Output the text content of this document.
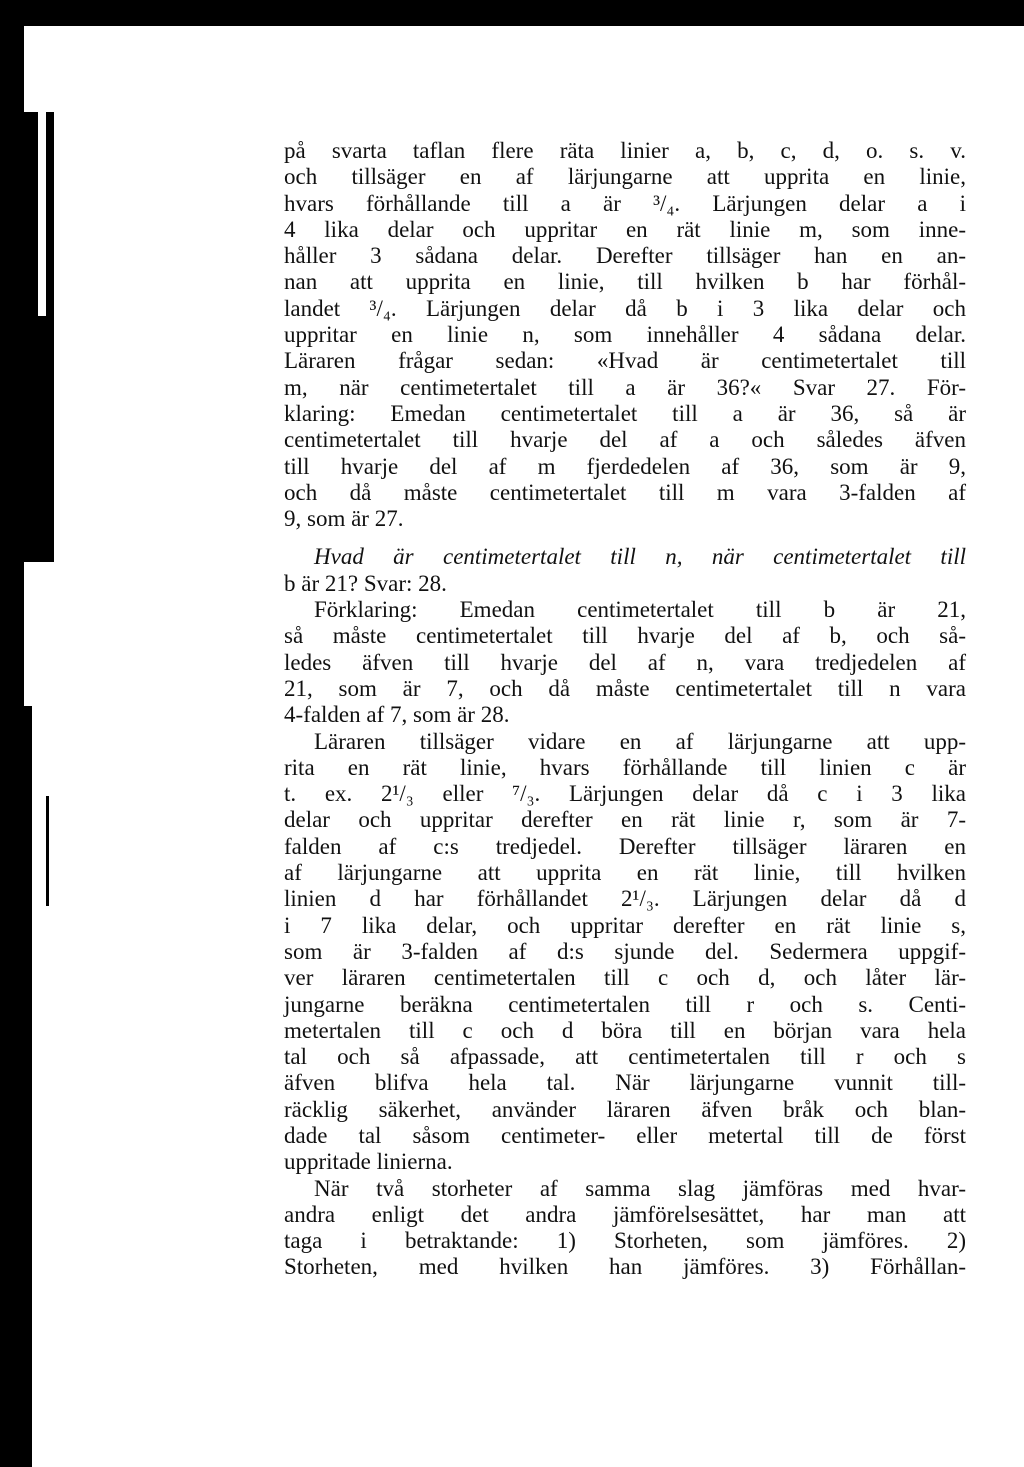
på svarta taflan flere räta linier a, b, c, d, o. s. v.
och tillsäger en af lärjungarne att upprita en linie,
hvars förhållande till a är ³/₄. Lärjungen delar a i
4 lika delar och uppritar en rät linie m, som inne-
håller 3 sådana delar. Derefter tillsäger han en an-
nan att upprita en linie, till hvilken b har förhål-
landet ³/₄. Lärjungen delar då b i 3 lika delar och
uppritar en linie n, som innehåller 4 sådana delar.
Läraren frågar sedan: «Hvad är centimetertalet till
m, när centimetertalet till a är 36?« Svar 27. För-
klaring: Emedan centimetertalet till a är 36, så är
centimetertalet till hvarje del af a och således äfven
till hvarje del af m fjerdedelen af 36, som är 9,
och då måste centimetertalet till m vara 3-falden af
9, som är 27.
Hvad är centimetertalet till n, när centimetertalet till
b är 21? Svar: 28.
Förklaring: Emedan centimetertalet till b är 21,
så måste centimetertalet till hvarje del af b, och så-
ledes äfven till hvarje del af n, vara tredjedelen af
21, som är 7, och då måste centimetertalet till n vara
4-falden af 7, som är 28.
Läraren tillsäger vidare en af lärjungarne att upp-
rita en rät linie, hvars förhållande till linien c är
t. ex. 2¹/₃ eller ⁷/₃. Lärjungen delar då c i 3 lika
delar och uppritar derefter en rät linie r, som är 7-
falden af c:s tredjedel. Derefter tillsäger läraren en
af lärjungarne att upprita en rät linie, till hvilken
linien d har förhållandet 2¹/₃. Lärjungen delar då d
i 7 lika delar, och uppritar derefter en rät linie s,
som är 3-falden af d:s sjunde del. Sedermera uppgif-
ver läraren centimetertalen till c och d, och låter lär-
jungarne beräkna centimetertalen till r och s. Centi-
metertalen till c och d böra till en början vara hela
tal och så afpassade, att centimetertalen till r och s
äfven blifva hela tal. När lärjungarne vunnit till-
räcklig säkerhet, använder läraren äfven bråk och blan-
dade tal såsom centimeter- eller metertal till de först
uppritade linierna.
När två storheter af samma slag jämföras med hvar-
andra enligt det andra jämförelsesättet, har man att
taga i betraktande: 1) Storheten, som jämföres. 2)
Storheten, med hvilken han jämföres. 3) Förhållan-
